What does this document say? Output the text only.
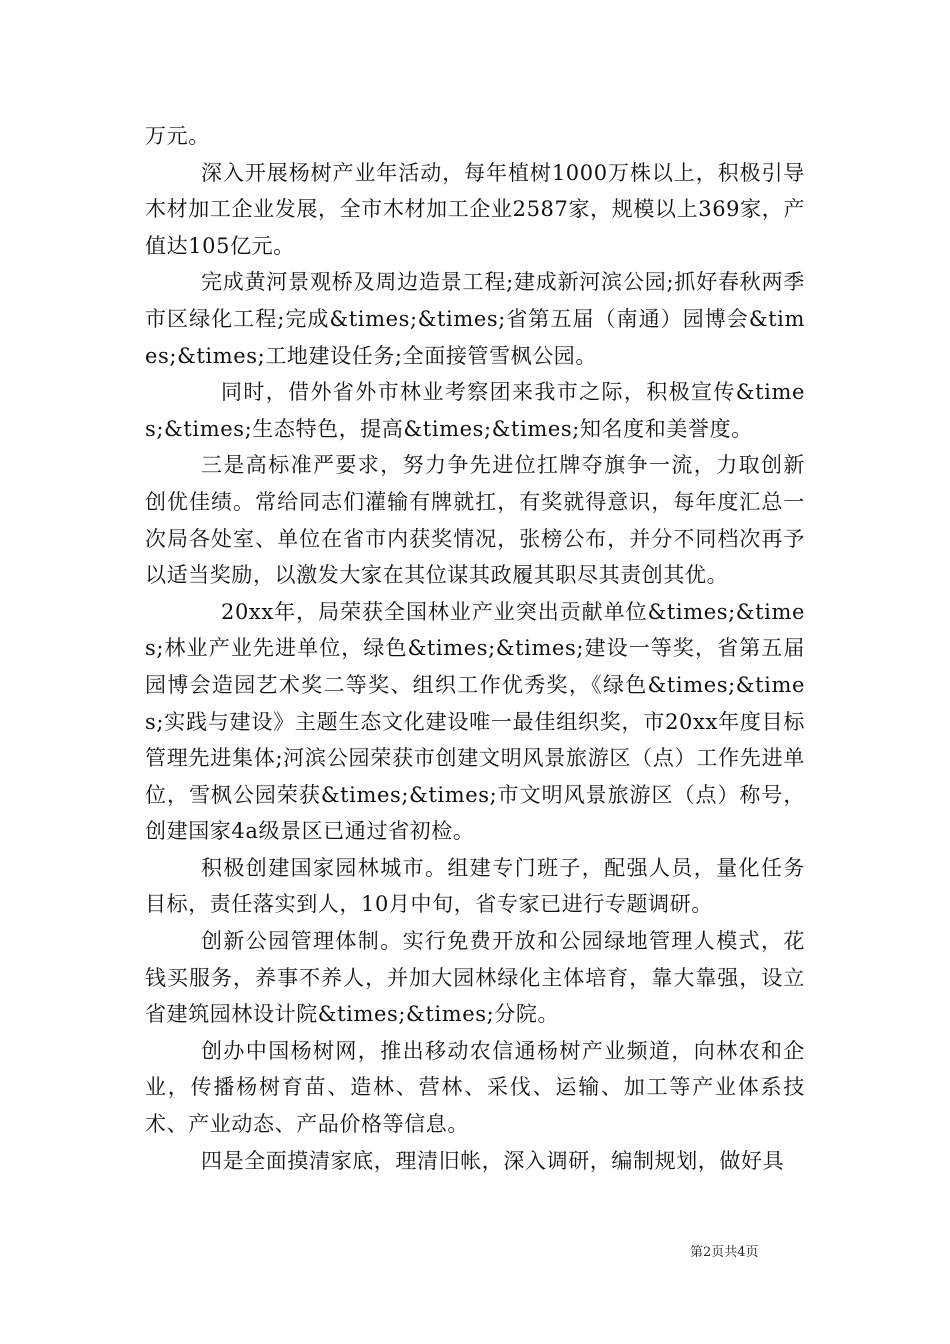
万元。

深入开展杨树产业年活动，每年植树1000万株以上，积极引导木材加工企业发展，全市木材加工企业2587家，规模以上369家，产值达105亿元。

完成黄河景观桥及周边造景工程;建成新河滨公园;抓好春秋两季市区绿化工程;完成&times;&times;省第五届（南通）园博会&times;&times;工地建设任务;全面接管雪枫公园。

同时，借外省外市林业考察团来我市之际，积极宣传&times;&times;生态特色，提高&times;&times;知名度和美誉度。

三是高标准严要求，努力争先进位扛牌夺旗争一流，力取创新创优佳绩。常给同志们灌输有牌就扛，有奖就得意识，每年度汇总一次局各处室、单位在省市内获奖情况，张榜公布，并分不同档次再予以适当奖励，以激发大家在其位谋其政履其职尽其责创其优。

20xx年，局荣获全国林业产业突出贡献单位&times;&times;林业产业先进单位，绿色&times;&times;建设一等奖，省第五届园博会造园艺术奖二等奖、组织工作优秀奖，《绿色&times;&times;实践与建设》主题生态文化建设唯一最佳组织奖，市20xx年度目标管理先进集体;河滨公园荣获市创建文明风景旅游区（点）工作先进单位，雪枫公园荣获&times;&times;市文明风景旅游区（点）称号，创建国家4a级景区已通过省初检。

积极创建国家园林城市。组建专门班子，配强人员，量化任务目标，责任落实到人，10月中旬，省专家已进行专题调研。

创新公园管理体制。实行免费开放和公园绿地管理人模式，花钱买服务，养事不养人，并加大园林绿化主体培育，靠大靠强，设立省建筑园林设计院&times;&times;分院。

创办中国杨树网，推出移动农信通杨树产业频道，向林农和企业，传播杨树育苗、造林、营林、采伐、运输、加工等产业体系技术、产业动态、产品价格等信息。

四是全面摸清家底，理清旧帐，深入调研，编制规划，做好具

第2页共4页
